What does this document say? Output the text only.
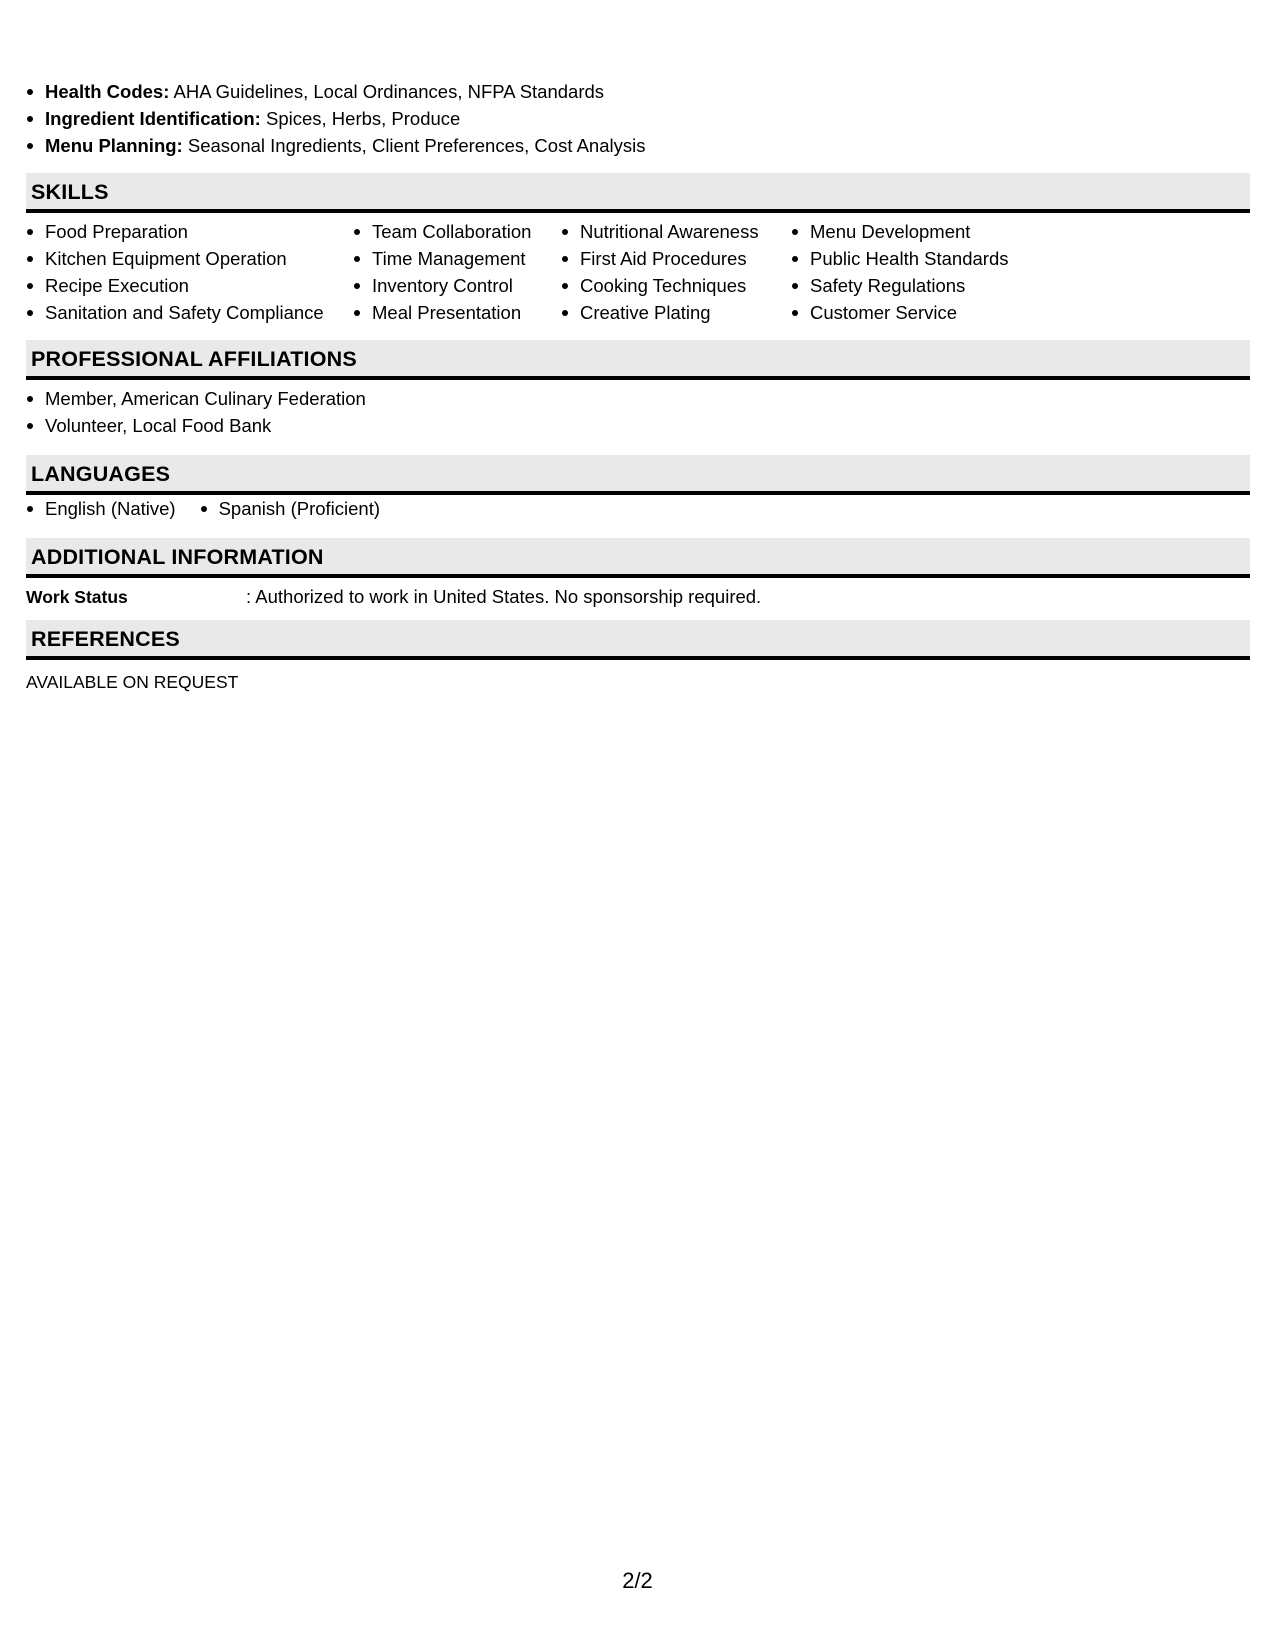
Health Codes: AHA Guidelines, Local Ordinances, NFPA Standards
Ingredient Identification: Spices, Herbs, Produce
Menu Planning: Seasonal Ingredients, Client Preferences, Cost Analysis
SKILLS
Food Preparation
Kitchen Equipment Operation
Recipe Execution
Sanitation and Safety Compliance
Team Collaboration
Time Management
Inventory Control
Meal Presentation
Nutritional Awareness
First Aid Procedures
Cooking Techniques
Creative Plating
Menu Development
Public Health Standards
Safety Regulations
Customer Service
PROFESSIONAL AFFILIATIONS
Member, American Culinary Federation
Volunteer, Local Food Bank
LANGUAGES
English (Native)	Spanish (Proficient)
ADDITIONAL INFORMATION
Work Status	: Authorized to work in United States. No sponsorship required.
REFERENCES
AVAILABLE ON REQUEST
2/2
